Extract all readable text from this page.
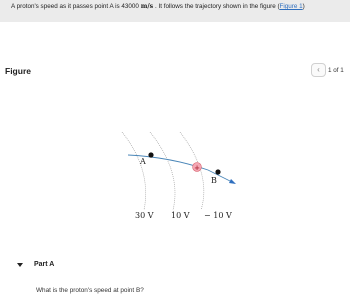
A proton's speed as it passes point A is 43000 m/s . It follows the trajectory shown in the figure (Figure 1)
Figure	‹	1 of 1
+
A
B
30 V 10 V − 10 V
Part A
What is the proton's speed at point B?
